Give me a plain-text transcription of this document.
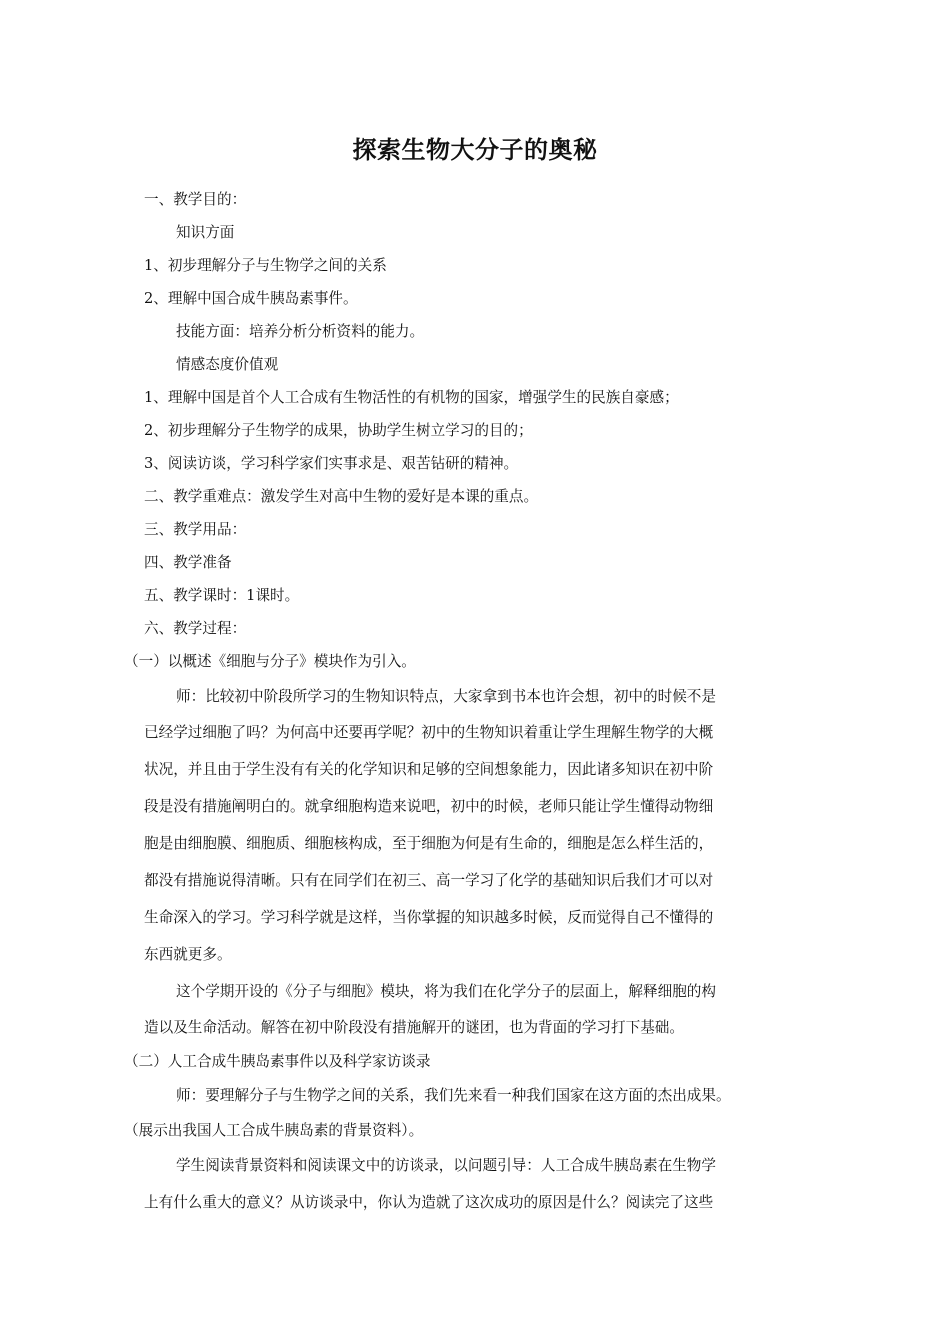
探索生物大分子的奥秘
一、教学目的：
知识方面
1、初步理解分子与生物学之间的关系
2、理解中国合成牛胰岛素事件。
技能方面：培养分析分析资料的能力。
情感态度价值观
1、理解中国是首个人工合成有生物活性的有机物的国家，增强学生的民族自豪感；
2、初步理解分子生物学的成果，协助学生树立学习的目的；
3、阅读访谈，学习科学家们实事求是、艰苦钻研的精神。
二、教学重难点：激发学生对高中生物的爱好是本课的重点。
三、教学用品：
四、教学准备
五、教学课时：1课时。
六、教学过程：
（一）以概述《细胞与分子》模块作为引入。
师：比较初中阶段所学习的生物知识特点，大家拿到书本也许会想，初中的时候不是
已经学过细胞了吗？为何高中还要再学呢？初中的生物知识着重让学生理解生物学的大概
状况，并且由于学生没有有关的化学知识和足够的空间想象能力，因此诸多知识在初中阶
段是没有措施阐明白的。就拿细胞构造来说吧，初中的时候，老师只能让学生懂得动物细
胞是由细胞膜、细胞质、细胞核构成，至于细胞为何是有生命的，细胞是怎么样生活的，
都没有措施说得清晰。只有在同学们在初三、高一学习了化学的基础知识后我们才可以对
生命深入的学习。学习科学就是这样，当你掌握的知识越多时候，反而觉得自己不懂得的
东西就更多。
这个学期开设的《分子与细胞》模块，将为我们在化学分子的层面上，解释细胞的构
造以及生命活动。解答在初中阶段没有措施解开的谜团，也为背面的学习打下基础。
（二）人工合成牛胰岛素事件以及科学家访谈录
师：要理解分子与生物学之间的关系，我们先来看一种我们国家在这方面的杰出成果。
（展示出我国人工合成牛胰岛素的背景资料）。
学生阅读背景资料和阅读课文中的访谈录，以问题引导：人工合成牛胰岛素在生物学
上有什么重大的意义？从访谈录中，你认为造就了这次成功的原因是什么？阅读完了这些
